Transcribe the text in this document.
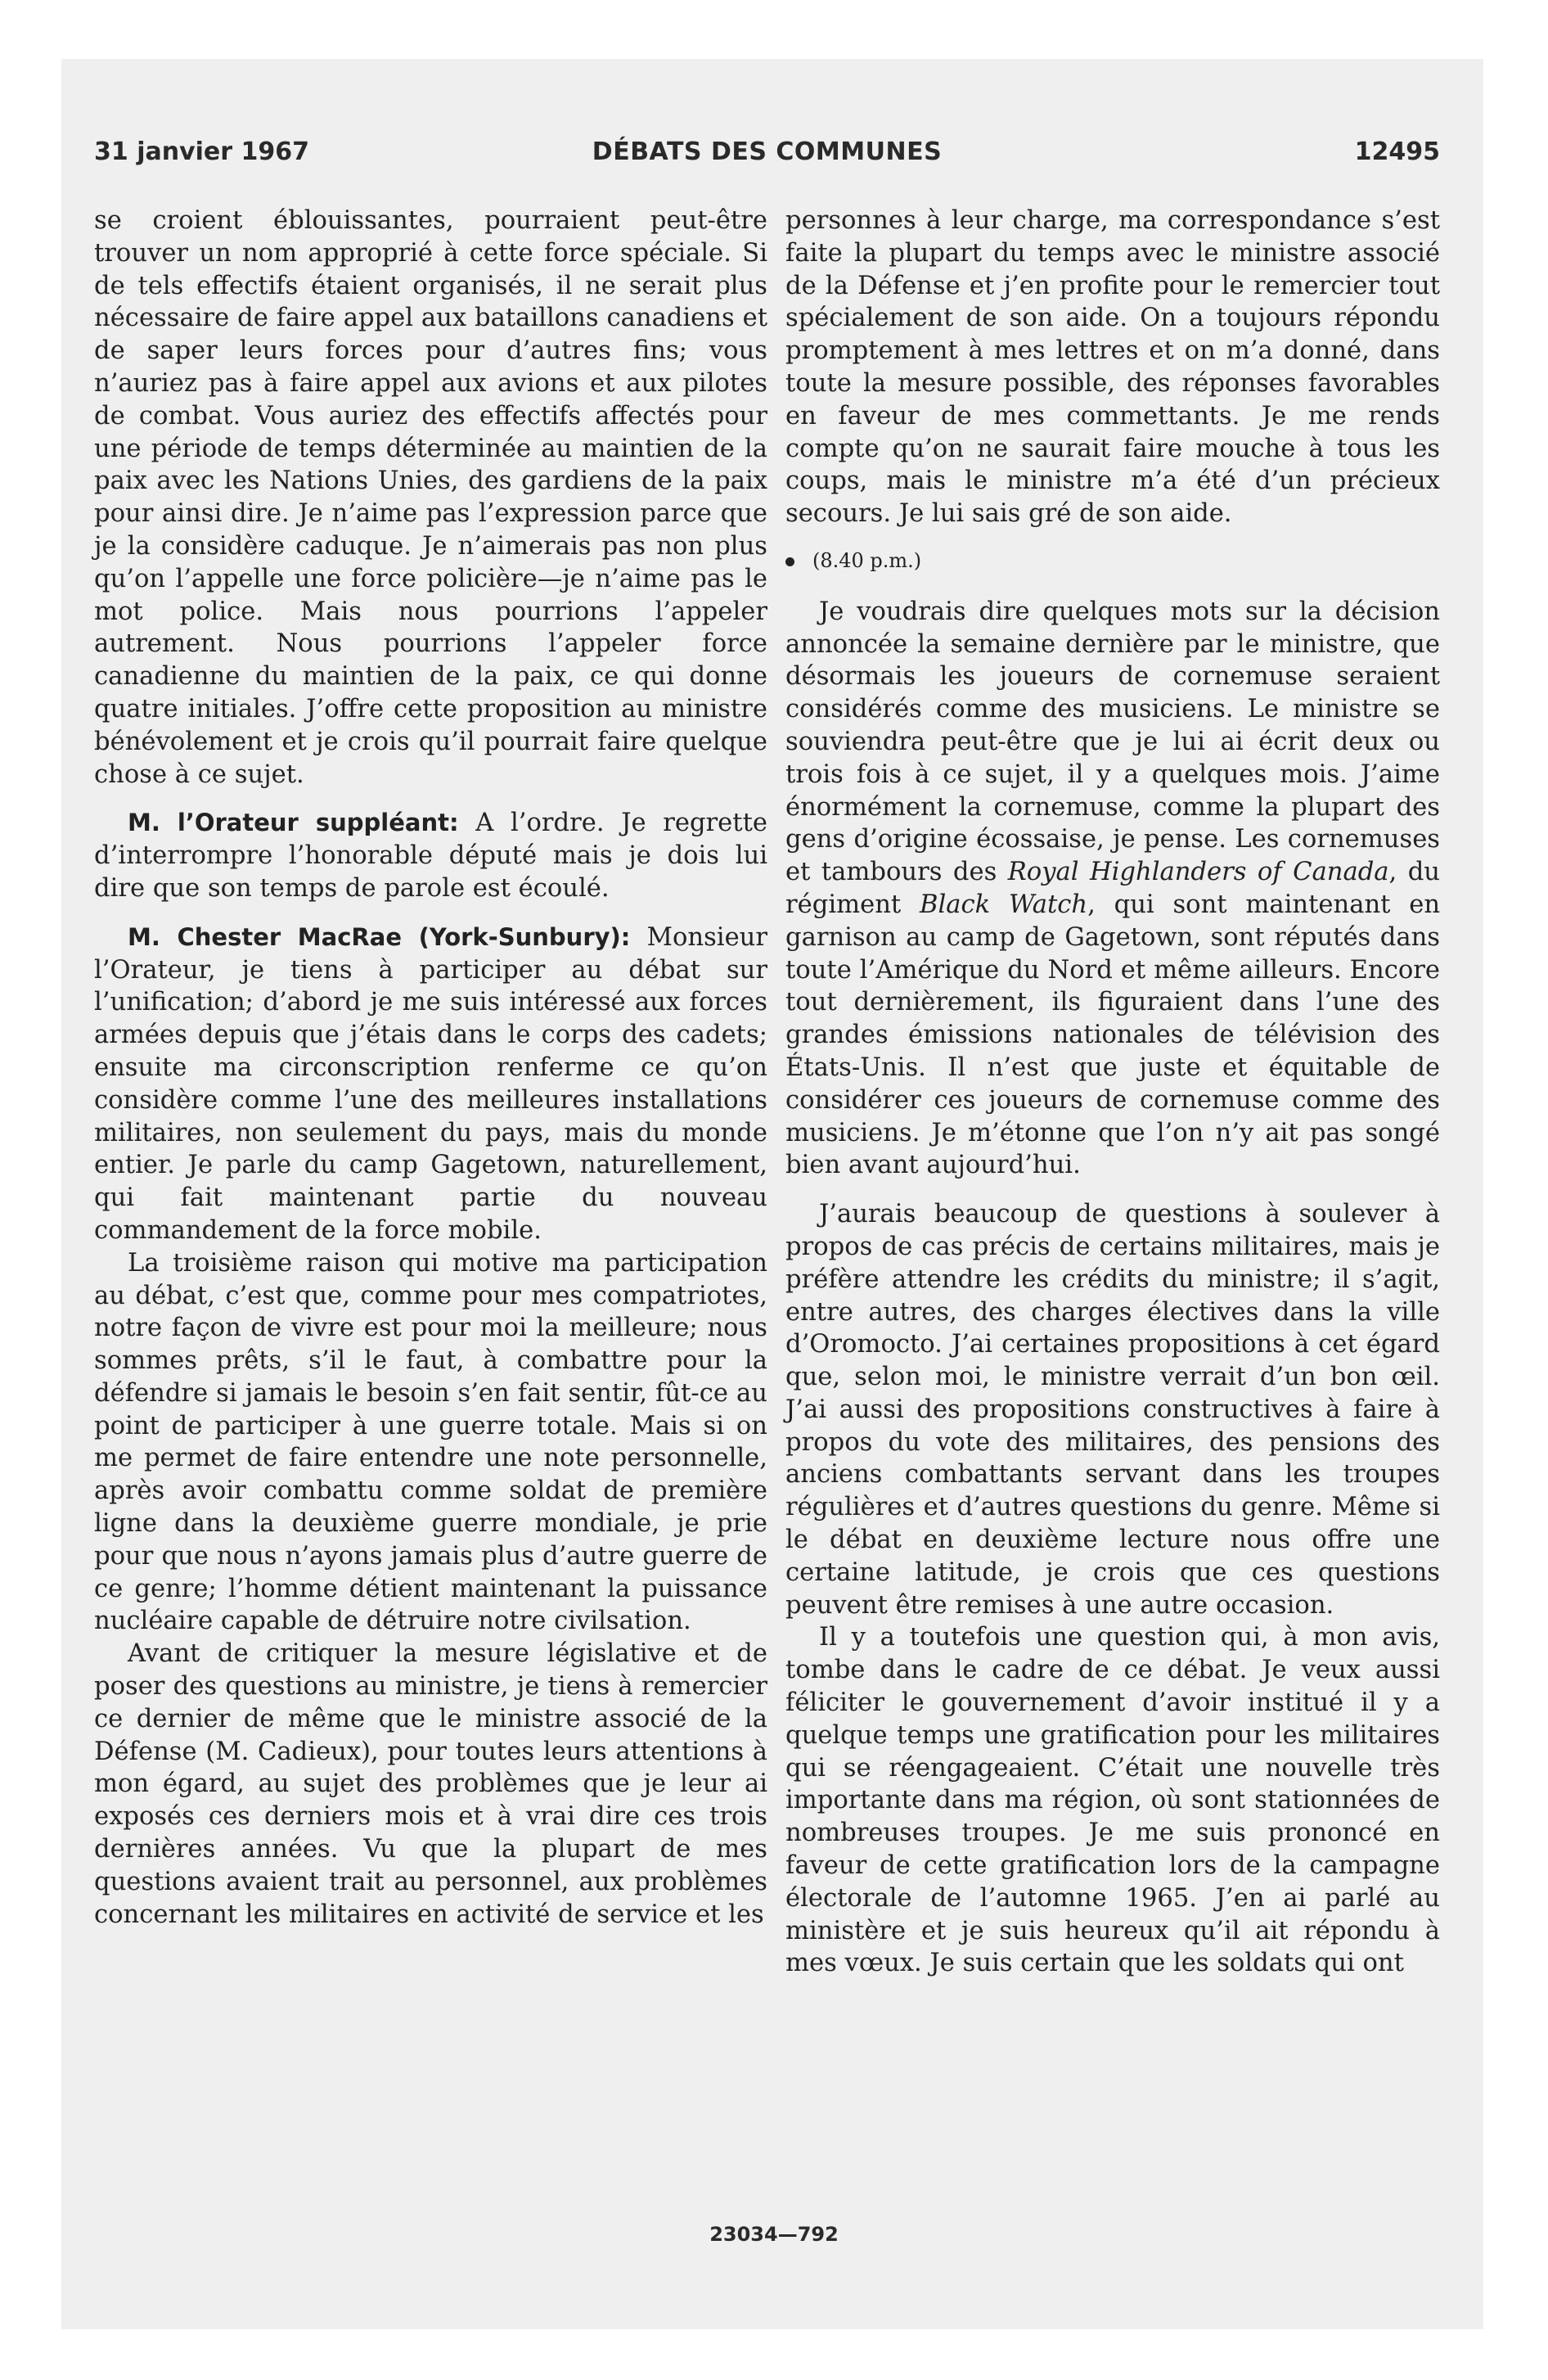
31 janvier 1967	DÉBATS DES COMMUNES	12495

se croient éblouissantes, pourraient peut-être trouver un nom approprié à cette force spéciale. Si de tels effectifs étaient organisés, il ne serait plus nécessaire de faire appel aux bataillons canadiens et de saper leurs forces pour d’autres fins; vous n’auriez pas à faire appel aux avions et aux pilotes de combat. Vous auriez des effectifs affectés pour une période de temps déterminée au maintien de la paix avec les Nations Unies, des gardiens de la paix pour ainsi dire. Je n’aime pas l’expression parce que je la considère caduque. Je n’aimerais pas non plus qu’on l’appelle une force policière—je n’aime pas le mot police. Mais nous pourrions l’appeler autrement. Nous pourrions l’appeler force canadienne du maintien de la paix, ce qui donne quatre initiales. J’offre cette proposition au ministre bénévolement et je crois qu’il pourrait faire quelque chose à ce sujet.

M. l’Orateur suppléant: A l’ordre. Je regrette d’interrompre l’honorable député mais je dois lui dire que son temps de parole est écoulé.

M. Chester MacRae (York-Sunbury): Monsieur l’Orateur, je tiens à participer au débat sur l’unification; d’abord je me suis intéressé aux forces armées depuis que j’étais dans le corps des cadets; ensuite ma circonscription renferme ce qu’on considère comme l’une des meilleures installations militaires, non seulement du pays, mais du monde entier. Je parle du camp Gagetown, naturellement, qui fait maintenant partie du nouveau commandement de la force mobile.

La troisième raison qui motive ma participation au débat, c’est que, comme pour mes compatriotes, notre façon de vivre est pour moi la meilleure; nous sommes prêts, s’il le faut, à combattre pour la défendre si jamais le besoin s’en fait sentir, fût-ce au point de participer à une guerre totale. Mais si on me permet de faire entendre une note personnelle, après avoir combattu comme soldat de première ligne dans la deuxième guerre mondiale, je prie pour que nous n’ayons jamais plus d’autre guerre de ce genre; l’homme détient maintenant la puissance nucléaire capable de détruire notre civilsation.

Avant de critiquer la mesure législative et de poser des questions au ministre, je tiens à remercier ce dernier de même que le ministre associé de la Défense (M. Cadieux), pour toutes leurs attentions à mon égard, au sujet des problèmes que je leur ai exposés ces derniers mois et à vrai dire ces trois dernières années. Vu que la plupart de mes questions avaient trait au personnel, aux problèmes concernant les militaires en activité de service et les

personnes à leur charge, ma correspondance s’est faite la plupart du temps avec le ministre associé de la Défense et j’en profite pour le remercier tout spécialement de son aide. On a toujours répondu promptement à mes lettres et on m’a donné, dans toute la mesure possible, des réponses favorables en faveur de mes commettants. Je me rends compte qu’on ne saurait faire mouche à tous les coups, mais le ministre m’a été d’un précieux secours. Je lui sais gré de son aide.

(8.40 p.m.)

Je voudrais dire quelques mots sur la décision annoncée la semaine dernière par le ministre, que désormais les joueurs de cornemuse seraient considérés comme des musiciens. Le ministre se souviendra peut-être que je lui ai écrit deux ou trois fois à ce sujet, il y a quelques mois. J’aime énormément la cornemuse, comme la plupart des gens d’origine écossaise, je pense. Les cornemuses et tambours des Royal Highlanders of Canada, du régiment Black Watch, qui sont maintenant en garnison au camp de Gagetown, sont réputés dans toute l’Amérique du Nord et même ailleurs. Encore tout dernièrement, ils figuraient dans l’une des grandes émissions nationales de télévision des États-Unis. Il n’est que juste et équitable de considérer ces joueurs de cornemuse comme des musiciens. Je m’étonne que l’on n’y ait pas songé bien avant aujourd’hui.

J’aurais beaucoup de questions à soulever à propos de cas précis de certains militaires, mais je préfère attendre les crédits du ministre; il s’agit, entre autres, des charges électives dans la ville d’Oromocto. J’ai certaines propositions à cet égard que, selon moi, le ministre verrait d’un bon œil. J’ai aussi des propositions constructives à faire à propos du vote des militaires, des pensions des anciens combattants servant dans les troupes régulières et d’autres questions du genre. Même si le débat en deuxième lecture nous offre une certaine latitude, je crois que ces questions peuvent être remises à une autre occasion.

Il y a toutefois une question qui, à mon avis, tombe dans le cadre de ce débat. Je veux aussi féliciter le gouvernement d’avoir institué il y a quelque temps une gratification pour les militaires qui se réengageaient. C’était une nouvelle très importante dans ma région, où sont stationnées de nombreuses troupes. Je me suis prononcé en faveur de cette gratification lors de la campagne électorale de l’automne 1965. J’en ai parlé au ministère et je suis heureux qu’il ait répondu à mes vœux. Je suis certain que les soldats qui ont

23034—792
